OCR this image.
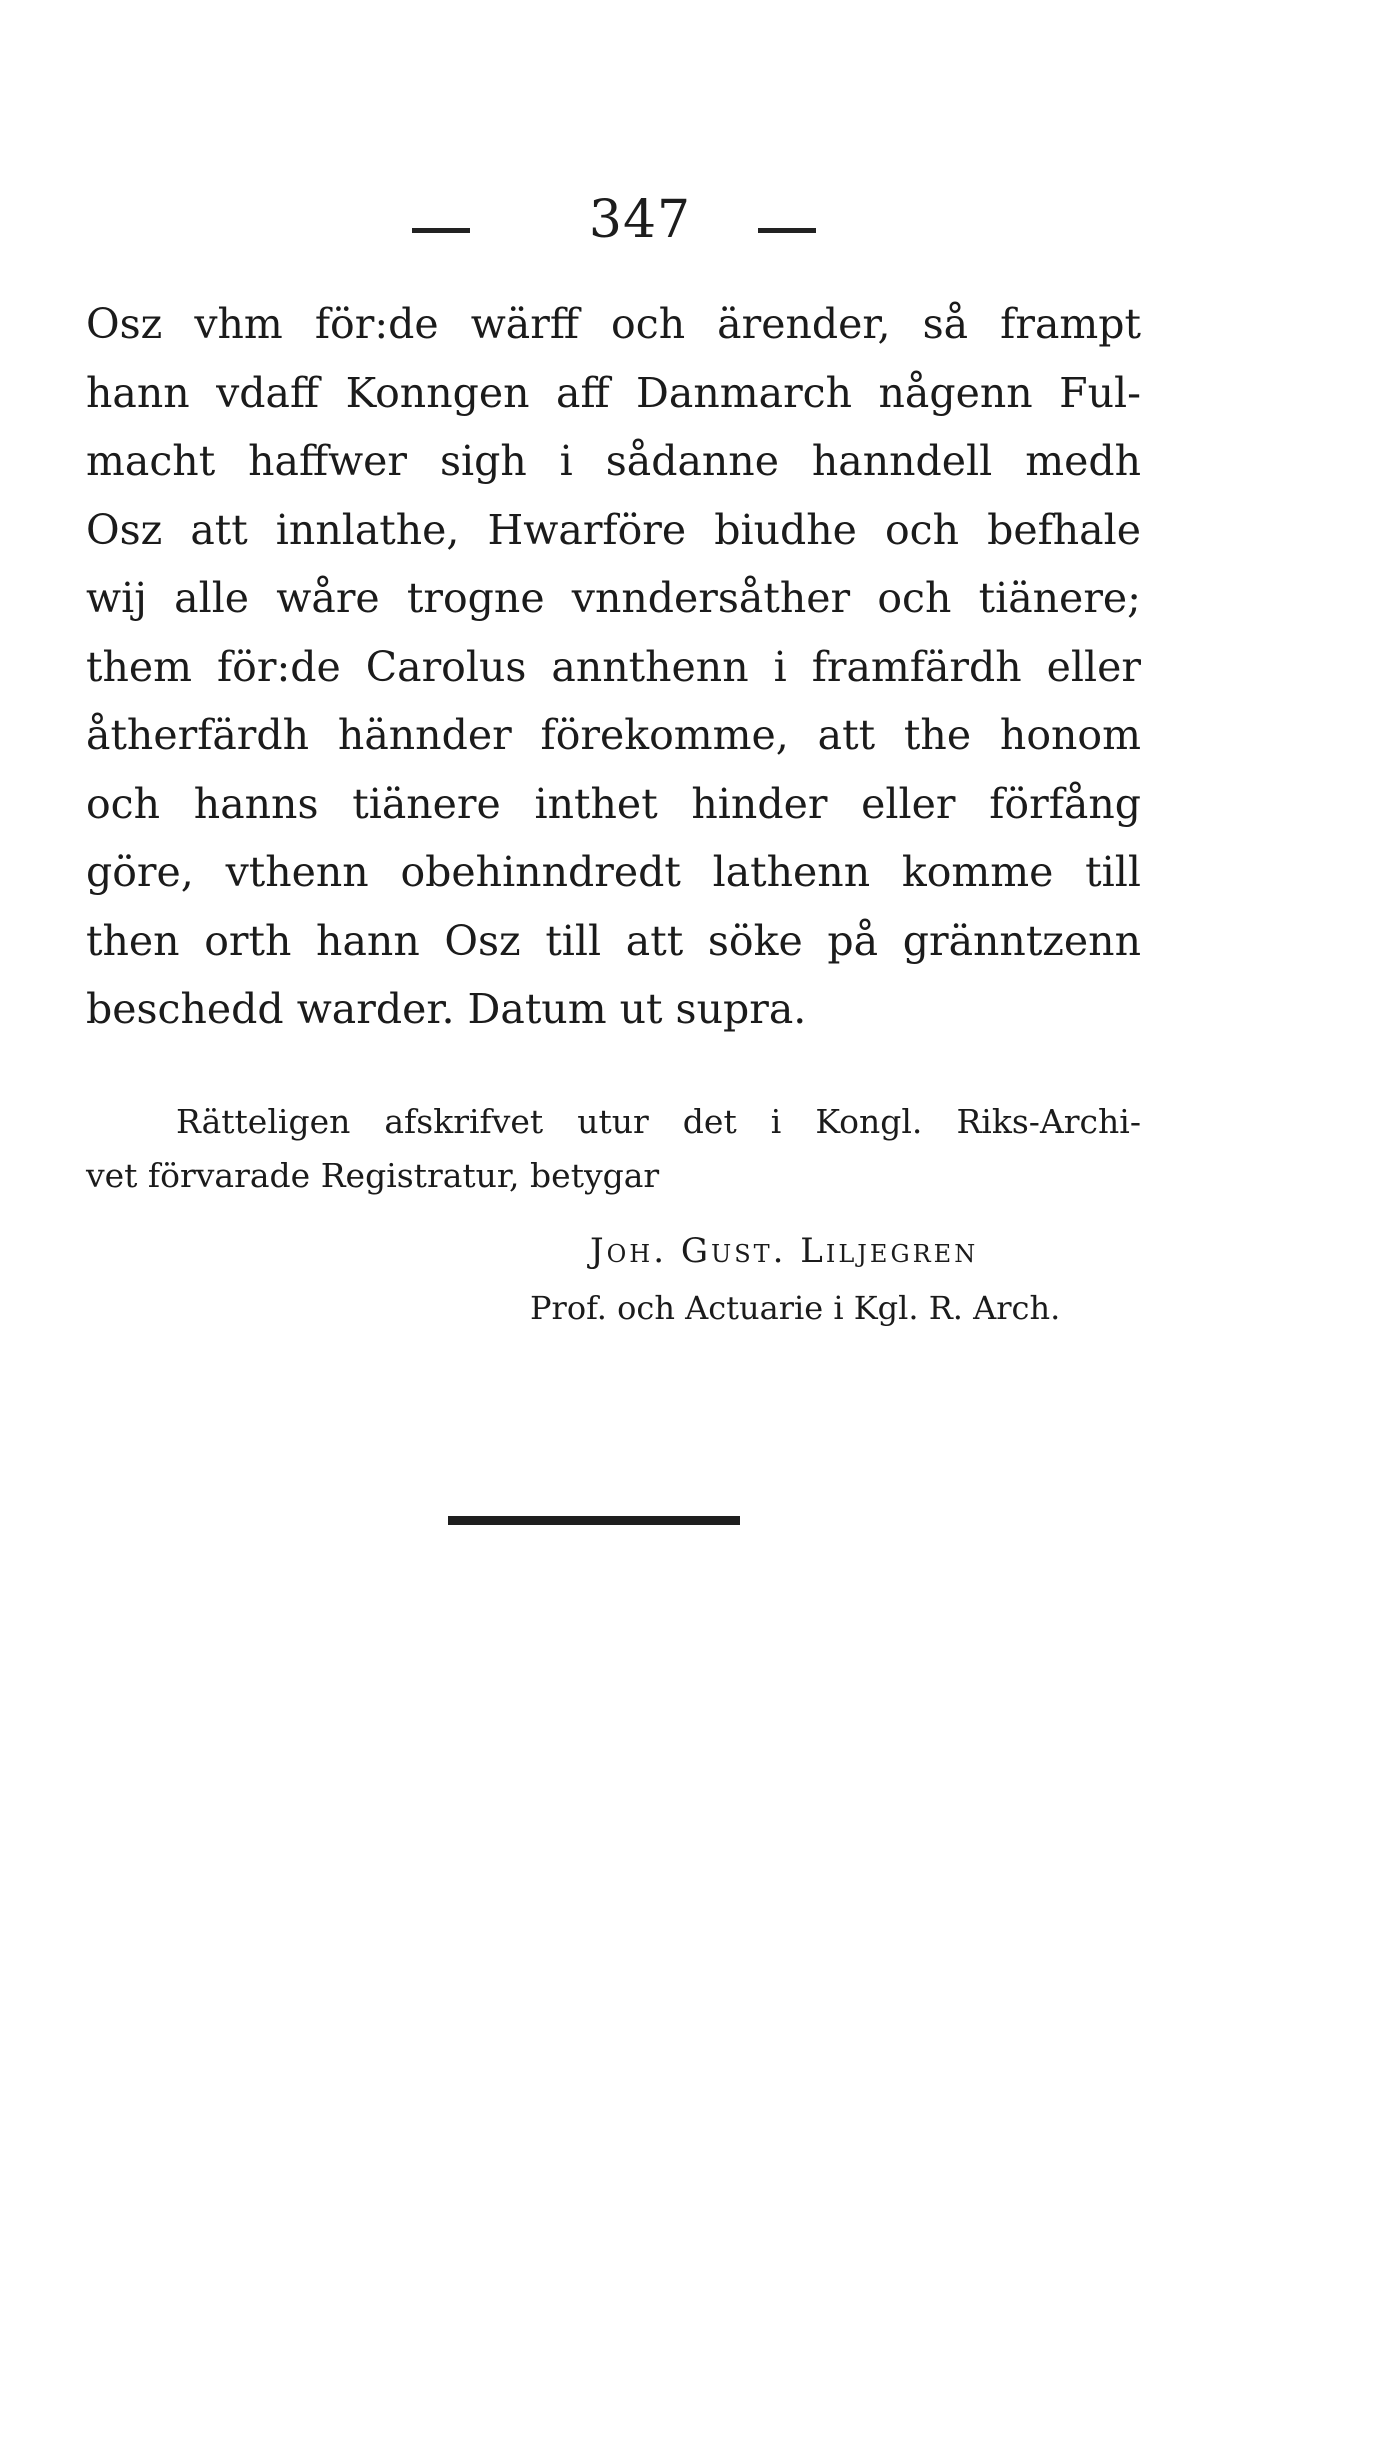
347
Osz vhm för:de wärff och ärender, så frampt
hann vdaff Konngen aff Danmarch någenn Ful-
macht haffwer sigh i sådanne hanndell medh
Osz att innlathe, Hwarföre biudhe och befhale
wij alle wåre trogne vnndersåther och tiänere;
them för:de Carolus annthenn i framfärdh eller
åtherfärdh hännder förekomme, att the honom
och hanns tiänere inthet hinder eller förfång
göre, vthenn obehinndredt lathenn komme till
then orth hann Osz till att söke på gränntzenn
beschedd warder. Datum ut supra.
Rätteligen afskrifvet utur det i Kongl. Riks-Archi-
vet förvarade Registratur, betygar
Joh. Gust. Liljegren
Prof. och Actuarie i Kgl. R. Arch.
